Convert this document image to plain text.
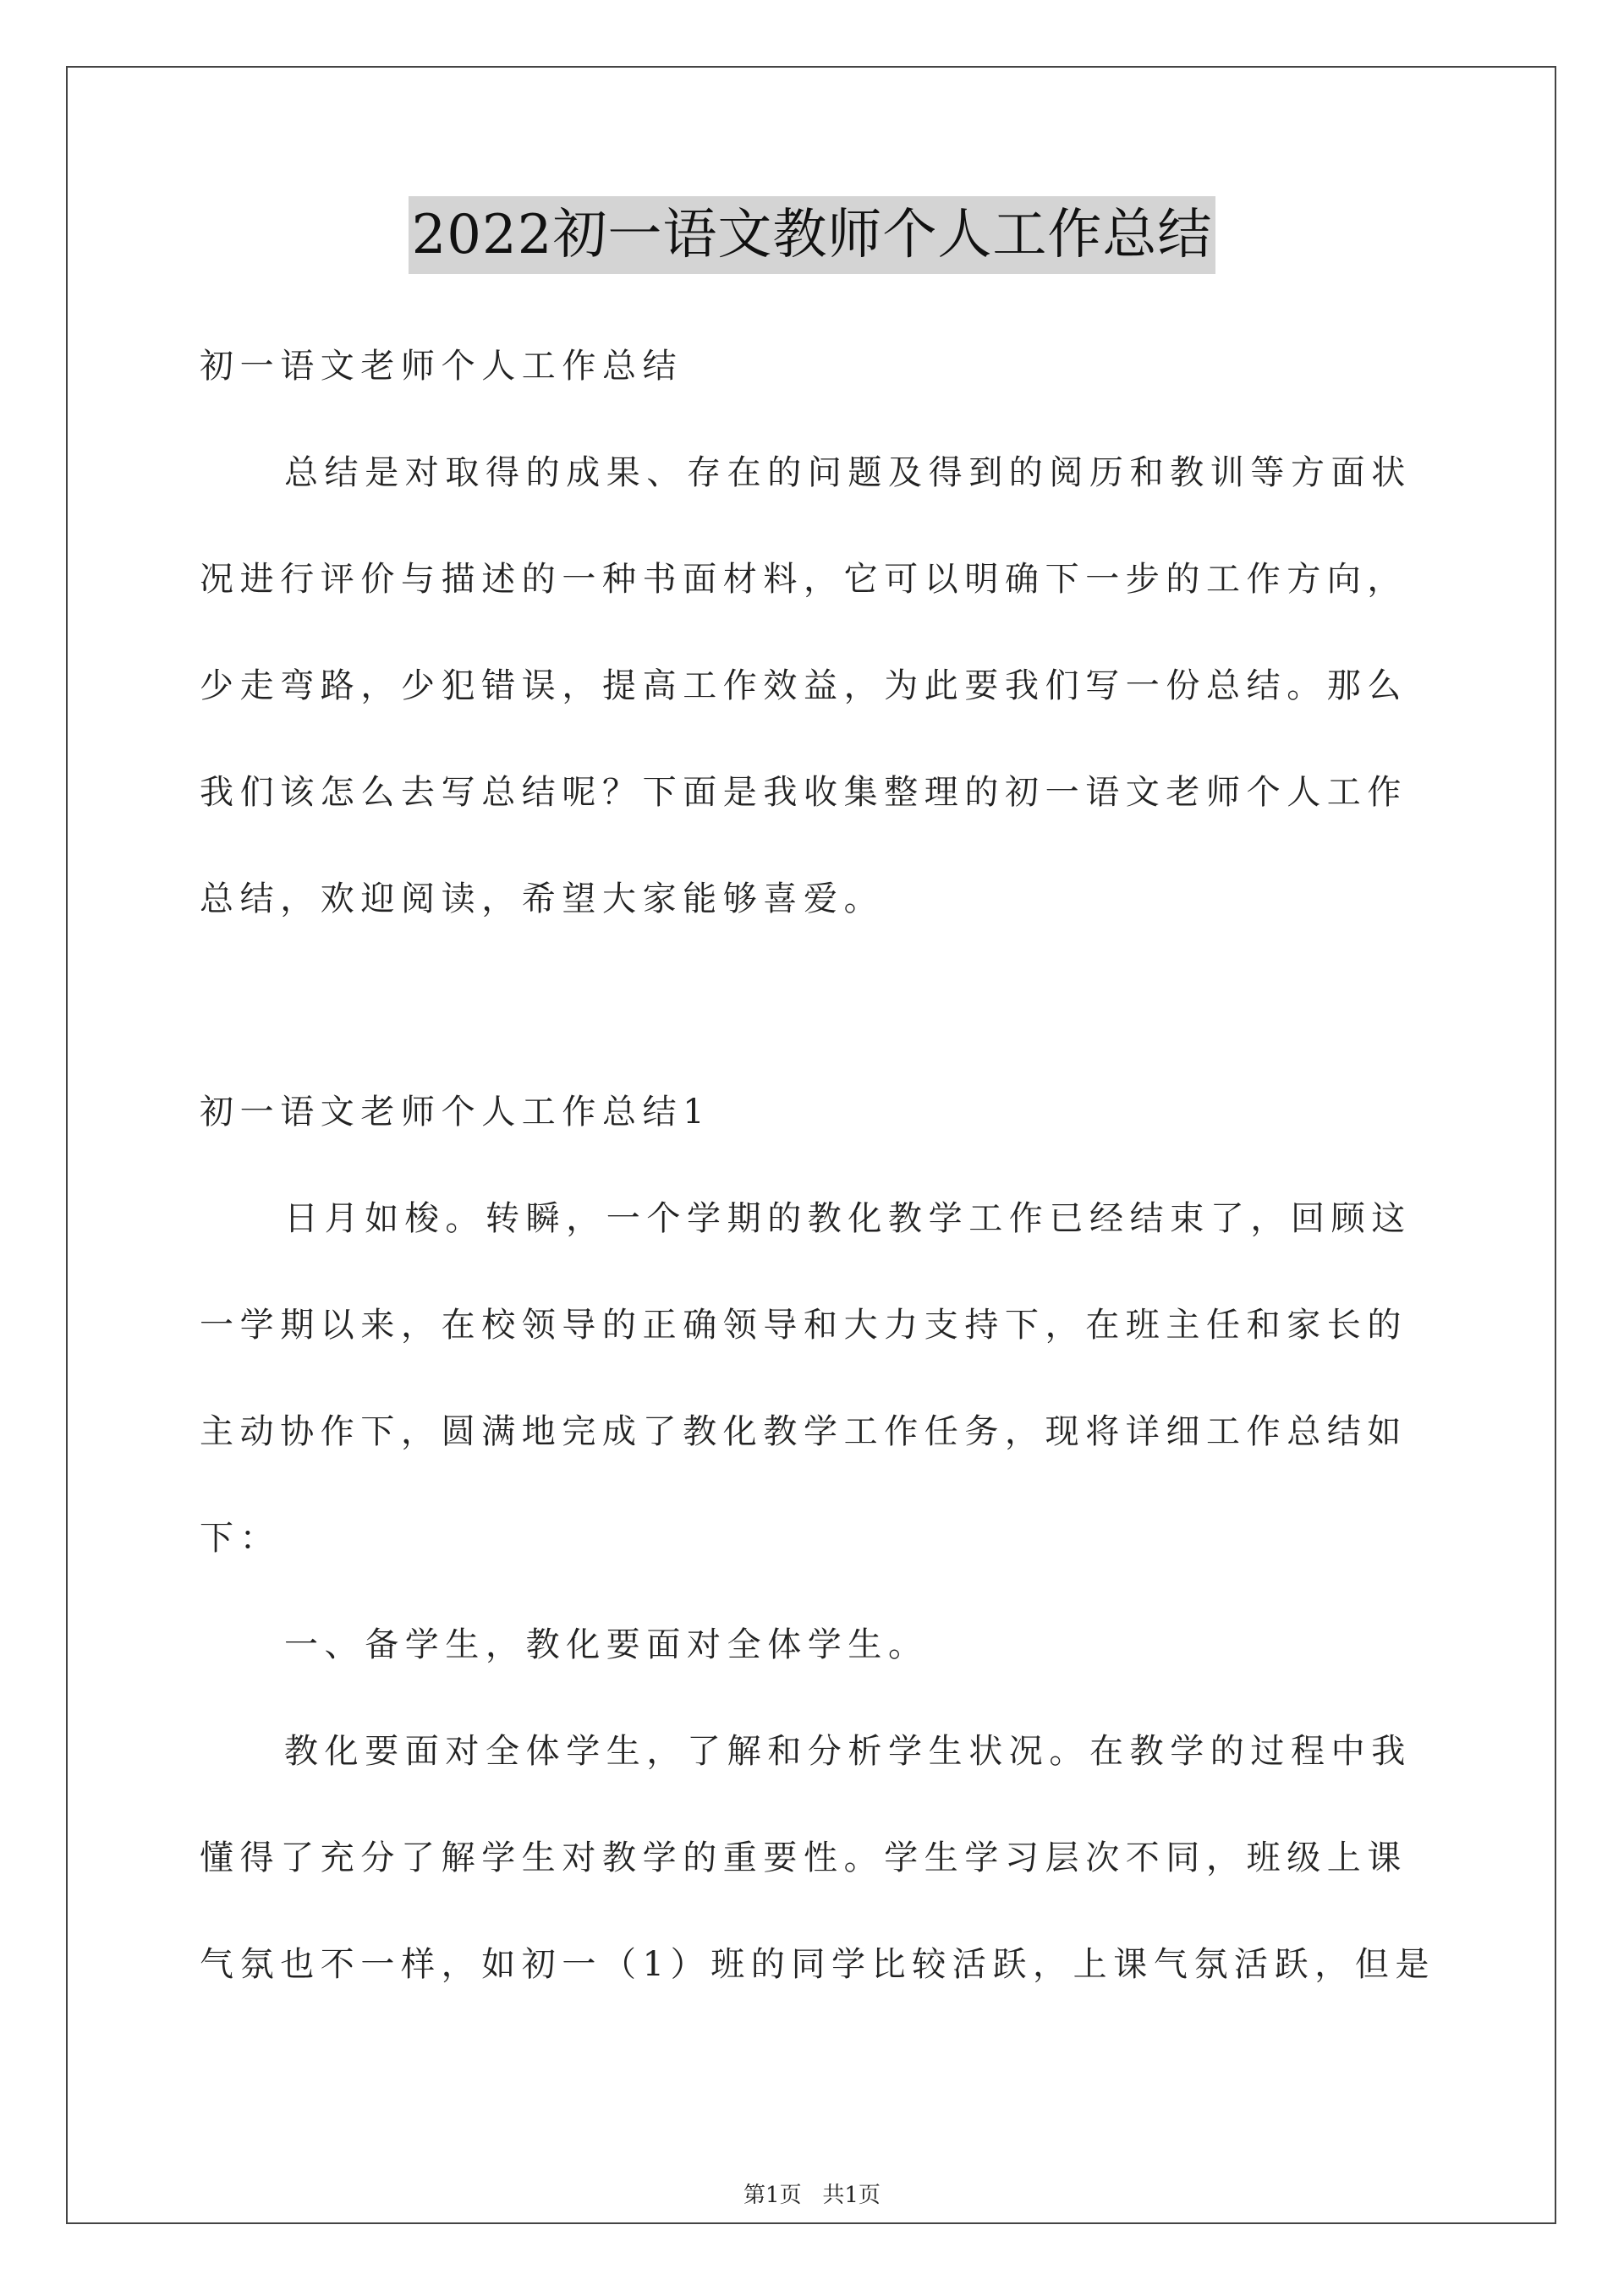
2022初一语文教师个人工作总结
初一语文老师个人工作总结
总结是对取得的成果、存在的问题及得到的阅历和教训等方面状
况进行评价与描述的一种书面材料，它可以明确下一步的工作方向，
少走弯路，少犯错误，提高工作效益，为此要我们写一份总结。那么
我们该怎么去写总结呢？下面是我收集整理的初一语文老师个人工作
总结，欢迎阅读，希望大家能够喜爱。
初一语文老师个人工作总结1
日月如梭。转瞬，一个学期的教化教学工作已经结束了，回顾这
一学期以来，在校领导的正确领导和大力支持下，在班主任和家长的
主动协作下，圆满地完成了教化教学工作任务，现将详细工作总结如
下：
一、备学生，教化要面对全体学生。
教化要面对全体学生，了解和分析学生状况。在教学的过程中我
懂得了充分了解学生对教学的重要性。学生学习层次不同，班级上课
气氛也不一样，如初一（1）班的同学比较活跃，上课气氛活跃，但是
第1页 共1页
